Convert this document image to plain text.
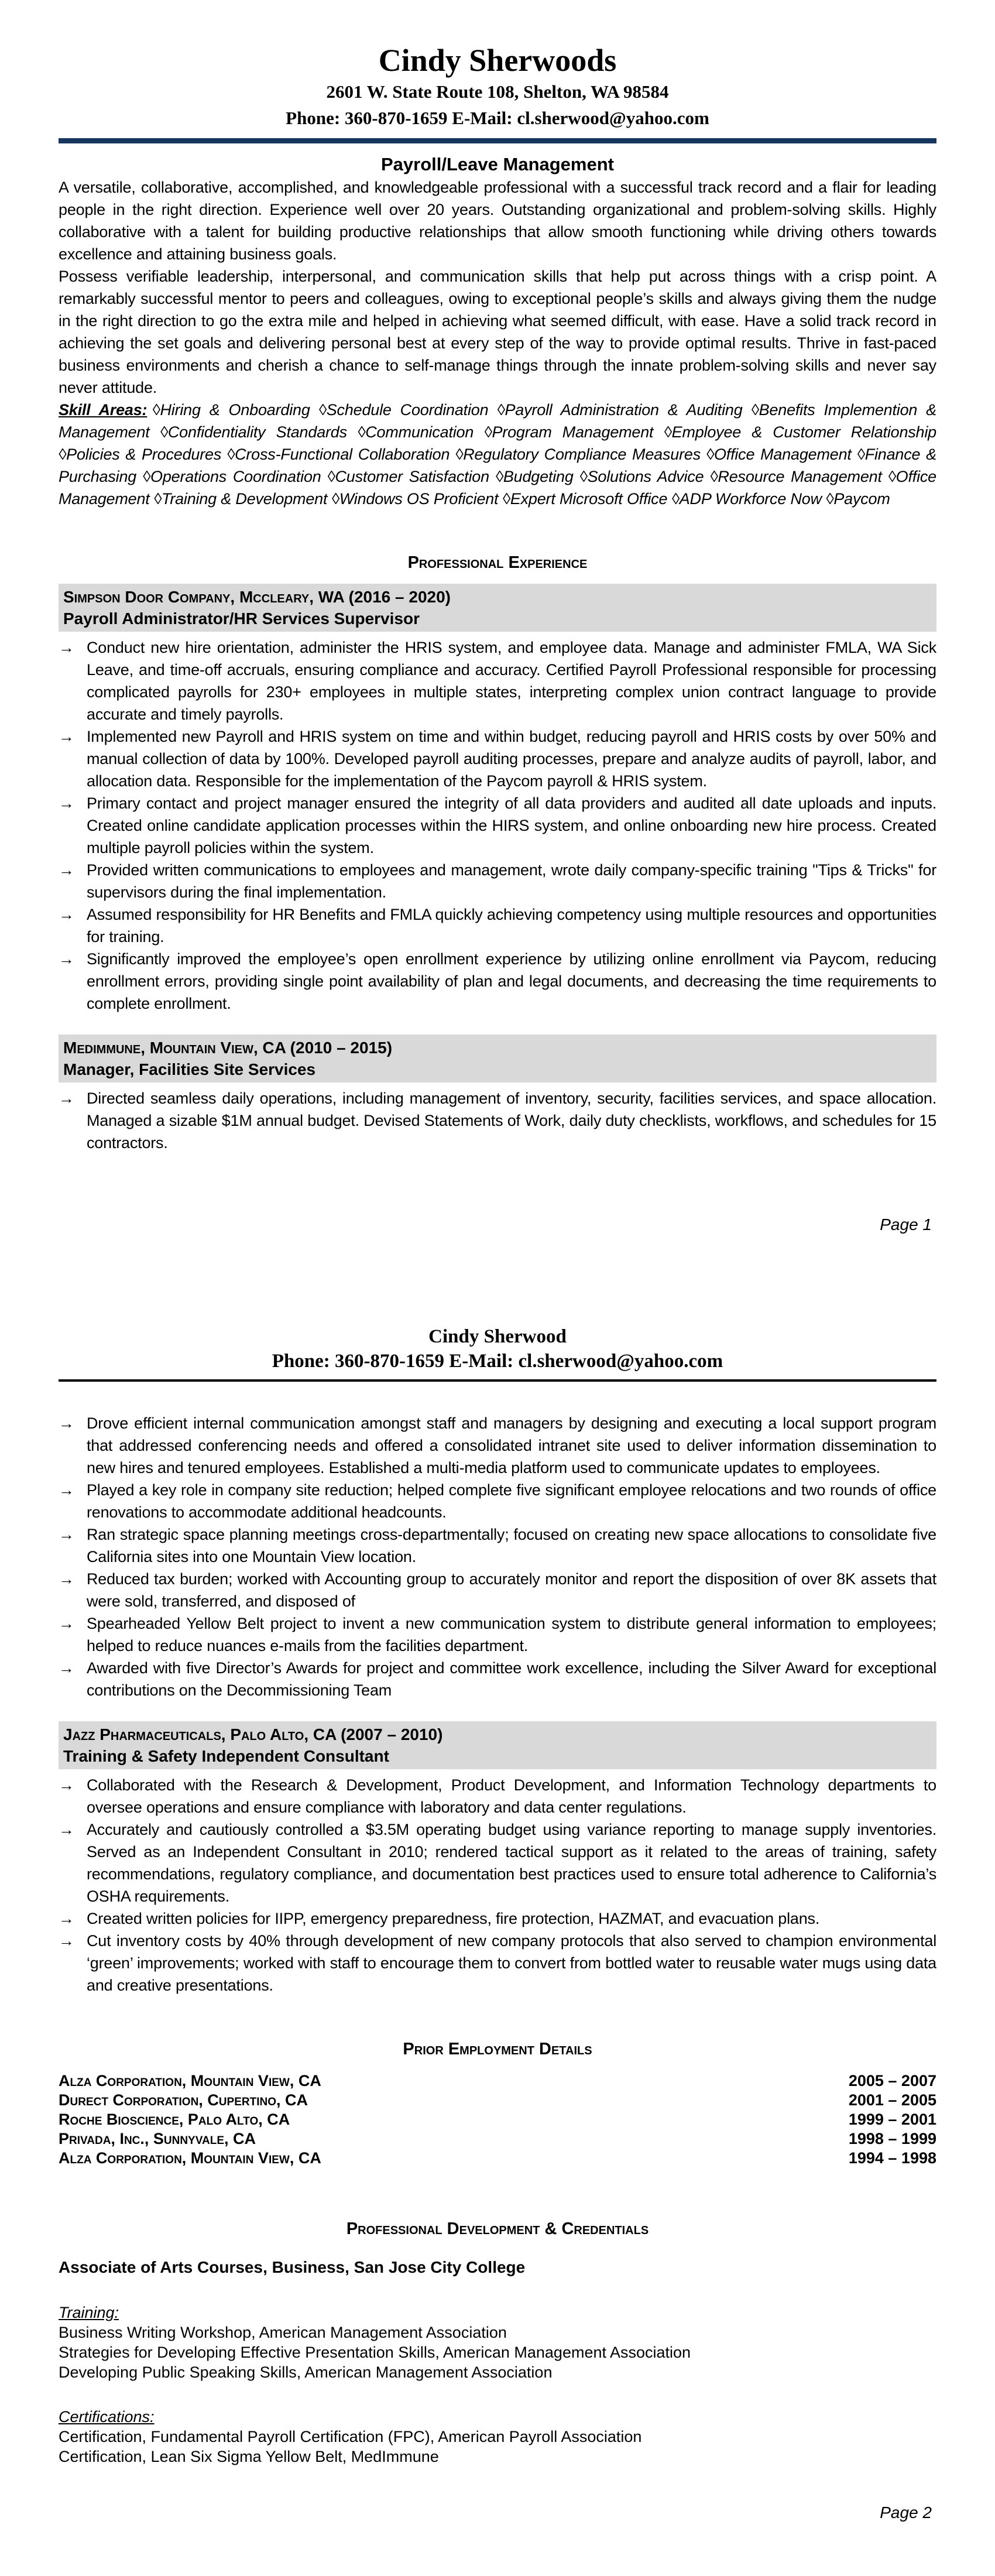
Cindy Sherwoods
2601 W. State Route 108, Shelton, WA 98584
Phone: 360-870-1659 E-Mail: cl.sherwood@yahoo.com
Payroll/Leave Management

A versatile, collaborative, accomplished, and knowledgeable professional with a successful track record and a flair for leading people in the right direction. Experience well over 20 years. Outstanding organizational and problem-solving skills. Highly collaborative with a talent for building productive relationships that allow smooth functioning while driving others towards excellence and attaining business goals.

Possess verifiable leadership, interpersonal, and communication skills that help put across things with a crisp point. A remarkably successful mentor to peers and colleagues, owing to exceptional people’s skills and always giving them the nudge in the right direction to go the extra mile and helped in achieving what seemed difficult, with ease. Have a solid track record in achieving the set goals and delivering personal best at every step of the way to provide optimal results. Thrive in fast-paced business environments and cherish a chance to self-manage things through the innate problem-solving skills and never say never attitude.

Skill Areas: ◊Hiring & Onboarding ◊Schedule Coordination ◊Payroll Administration & Auditing ◊Benefits Implemention & Management ◊Confidentiality Standards ◊Communication ◊Program Management ◊Employee & Customer Relationship ◊Policies & Procedures ◊Cross-Functional Collaboration ◊Regulatory Compliance Measures ◊Office Management ◊Finance & Purchasing ◊Operations Coordination ◊Customer Satisfaction ◊Budgeting ◊Solutions Advice ◊Resource Management ◊Office Management ◊Training & Development ◊Windows OS Proficient ◊Expert Microsoft Office ◊ADP Workforce Now ◊Paycom

Professional Experience
Simpson Door Company, Mccleary, WA (2016 – 2020)
Payroll Administrator/HR Services Supervisor
→ Conduct new hire orientation, administer the HRIS system, and employee data. Manage and administer FMLA, WA Sick Leave, and time-off accruals, ensuring compliance and accuracy. Certified Payroll Professional responsible for processing complicated payrolls for 230+ employees in multiple states, interpreting complex union contract language to provide accurate and timely payrolls.

→ Implemented new Payroll and HRIS system on time and within budget, reducing payroll and HRIS costs by over 50% and manual collection of data by 100%. Developed payroll auditing processes, prepare and analyze audits of payroll, labor, and allocation data. Responsible for the implementation of the Paycom payroll & HRIS system.

→ Primary contact and project manager ensured the integrity of all data providers and audited all date uploads and inputs. Created online candidate application processes within the HIRS system, and online onboarding new hire process. Created multiple payroll policies within the system.

→ Provided written communications to employees and management, wrote daily company-specific training "Tips & Tricks" for supervisors during the final implementation.

→ Assumed responsibility for HR Benefits and FMLA quickly achieving competency using multiple resources and opportunities for training.

→ Significantly improved the employee’s open enrollment experience by utilizing online enrollment via Paycom, reducing enrollment errors, providing single point availability of plan and legal documents, and decreasing the time requirements to complete enrollment.

Medimmune, Mountain View, CA (2010 – 2015)
Manager, Facilities Site Services
→ Directed seamless daily operations, including management of inventory, security, facilities services, and space allocation. Managed a sizable $1M annual budget. Devised Statements of Work, daily duty checklists, workflows, and schedules for 15 contractors.

Page 1
Cindy Sherwood
Phone: 360-870-1659 E-Mail: cl.sherwood@yahoo.com
→ Drove efficient internal communication amongst staff and managers by designing and executing a local support program that addressed conferencing needs and offered a consolidated intranet site used to deliver information dissemination to new hires and tenured employees. Established a multi-media platform used to communicate updates to employees.

→ Played a key role in company site reduction; helped complete five significant employee relocations and two rounds of office renovations to accommodate additional headcounts.

→ Ran strategic space planning meetings cross-departmentally; focused on creating new space allocations to consolidate five California sites into one Mountain View location.

→ Reduced tax burden; worked with Accounting group to accurately monitor and report the disposition of over 8K assets that were sold, transferred, and disposed of

→ Spearheaded Yellow Belt project to invent a new communication system to distribute general information to employees; helped to reduce nuances e-mails from the facilities department.

→ Awarded with five Director’s Awards for project and committee work excellence, including the Silver Award for exceptional contributions on the Decommissioning Team

Jazz Pharmaceuticals, Palo Alto, CA (2007 – 2010)
Training & Safety Independent Consultant
→ Collaborated with the Research & Development, Product Development, and Information Technology departments to oversee operations and ensure compliance with laboratory and data center regulations.

→ Accurately and cautiously controlled a $3.5M operating budget using variance reporting to manage supply inventories. Served as an Independent Consultant in 2010; rendered tactical support as it related to the areas of training, safety recommendations, regulatory compliance, and documentation best practices used to ensure total adherence to California’s OSHA requirements.

→ Created written policies for IIPP, emergency preparedness, fire protection, HAZMAT, and evacuation plans.

→ Cut inventory costs by 40% through development of new company protocols that also served to champion environmental ‘green’ improvements; worked with staff to encourage them to convert from bottled water to reusable water mugs using data and creative presentations.

Prior Employment Details
Alza Corporation, Mountain View, CA	2005 – 2007
Durect Corporation, Cupertino, CA	2001 – 2005
Roche Bioscience, Palo Alto, CA	1999 – 2001
Privada, Inc., Sunnyvale, CA	1998 – 1999
Alza Corporation, Mountain View, CA	1994 – 1998
Professional Development & Credentials
Associate of Arts Courses, Business, San Jose City College
Training:
Business Writing Workshop, American Management Association
Strategies for Developing Effective Presentation Skills, American Management Association
Developing Public Speaking Skills, American Management Association
Certifications:
Certification, Fundamental Payroll Certification (FPC), American Payroll Association
Certification, Lean Six Sigma Yellow Belt, MedImmune
Page 2
